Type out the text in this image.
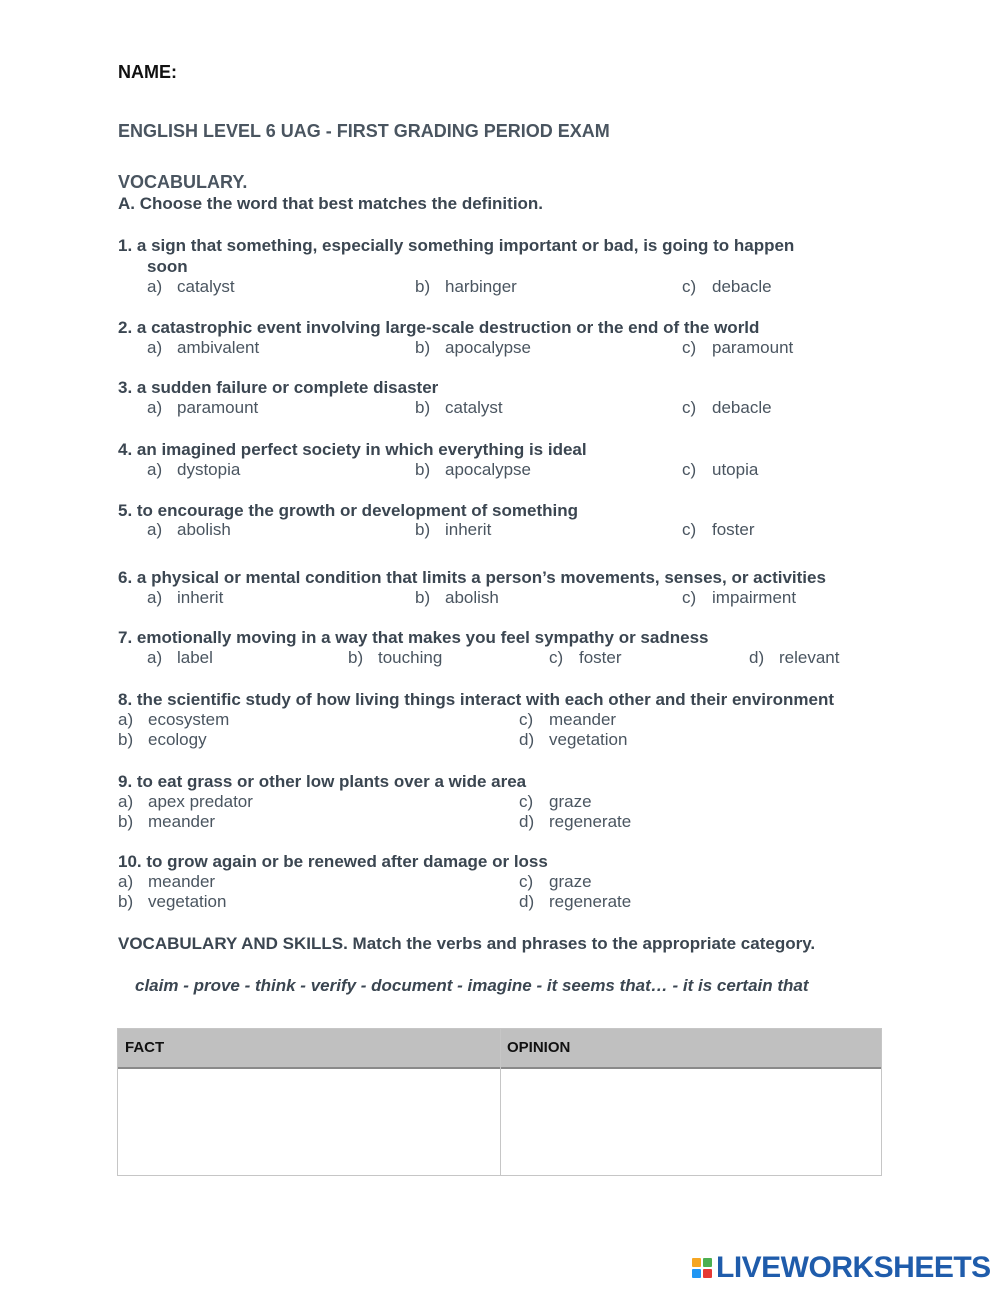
NAME:
ENGLISH LEVEL 6 UAG - FIRST GRADING PERIOD EXAM
VOCABULARY.
A. Choose the word that best matches the definition.
1. a sign that something, especially something important or bad, is going to happen
soon
a) catalyst	b) harbinger	c) debacle
2. a catastrophic event involving large-scale destruction or the end of the world
a) ambivalent	b) apocalypse	c) paramount
3. a sudden failure or complete disaster
a) paramount	b) catalyst	c) debacle
4. an imagined perfect society in which everything is ideal
a) dystopia	b) apocalypse	c) utopia
5. to encourage the growth or development of something
a) abolish	b) inherit	c) foster
6. a physical or mental condition that limits a person’s movements, senses, or activities
a) inherit	b) abolish	c) impairment
7. emotionally moving in a way that makes you feel sympathy or sadness
a) label	b) touching	c) foster	d) relevant
8. the scientific study of how living things interact with each other and their environment
a) ecosystem
b) ecology
c) meander
d) vegetation
9. to eat grass or other low plants over a wide area
a) apex predator
b) meander
c) graze
d) regenerate
10. to grow again or be renewed after damage or loss
a) meander
b) vegetation
c) graze
d) regenerate
VOCABULARY AND SKILLS. Match the verbs and phrases to the appropriate category.
claim - prove - think - verify - document - imagine - it seems that… - it is certain that
FACT	OPINION
LIVEWORKSHEETS
